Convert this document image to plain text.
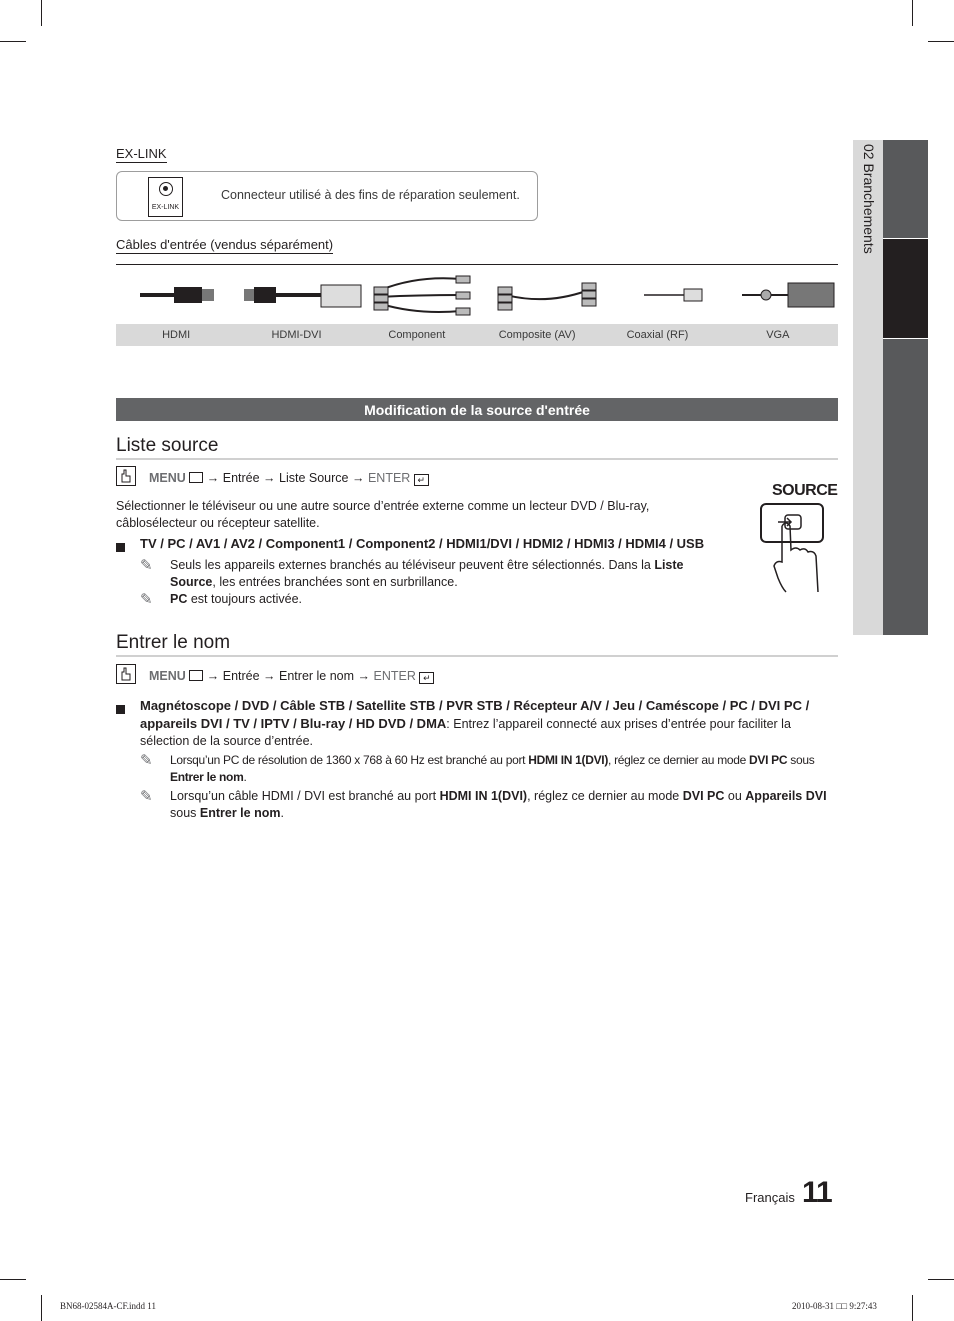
02 Branchements
EX-LINK
EX-LINK
Connecteur utilisé à des fins de réparation seulement.
Câbles d'entrée (vendus séparément)
HDMI	HDMI-DVI	Component	Composite (AV)	Coaxial (RF)	VGA
Modification de la source d'entrée
Liste source
MENU  → Entrée → Liste Source → ENTER ↵
Sélectionner le téléviseur ou une autre source d’entrée externe comme un lecteur DVD / Blu-ray, câblosélecteur ou récepteur satellite.
TV / PC / AV1 / AV2 / Component1 / Component2 / HDMI1/DVI / HDMI2 / HDMI3 / HDMI4 / USB
✎ Seuls les appareils externes branchés au téléviseur peuvent être sélectionnés. Dans la Liste Source, les entrées branchées sont en surbrillance.
✎ PC est toujours activée.
SOURCE
Entrer le nom
MENU  → Entrée → Entrer le nom → ENTER ↵
Magnétoscope / DVD / Câble STB / Satellite STB / PVR STB / Récepteur A/V / Jeu / Caméscope / PC / DVI PC / appareils DVI / TV / IPTV / Blu-ray / HD DVD / DMA: Entrez l’appareil connecté aux prises d’entrée pour faciliter la sélection de la source d’entrée.
✎ Lorsqu’un PC de résolution de 1360 x 768 à 60 Hz est branché au port HDMI IN 1(DVI), réglez ce dernier au mode DVI PC sous Entrer le nom.
✎ Lorsqu’un câble HDMI / DVI est branché au port HDMI IN 1(DVI), réglez ce dernier au mode DVI PC ou Appareils DVI sous Entrer le nom.
Français 11
BN68-02584A-CF.indd 11	2010-08-31 □□ 9:27:43
